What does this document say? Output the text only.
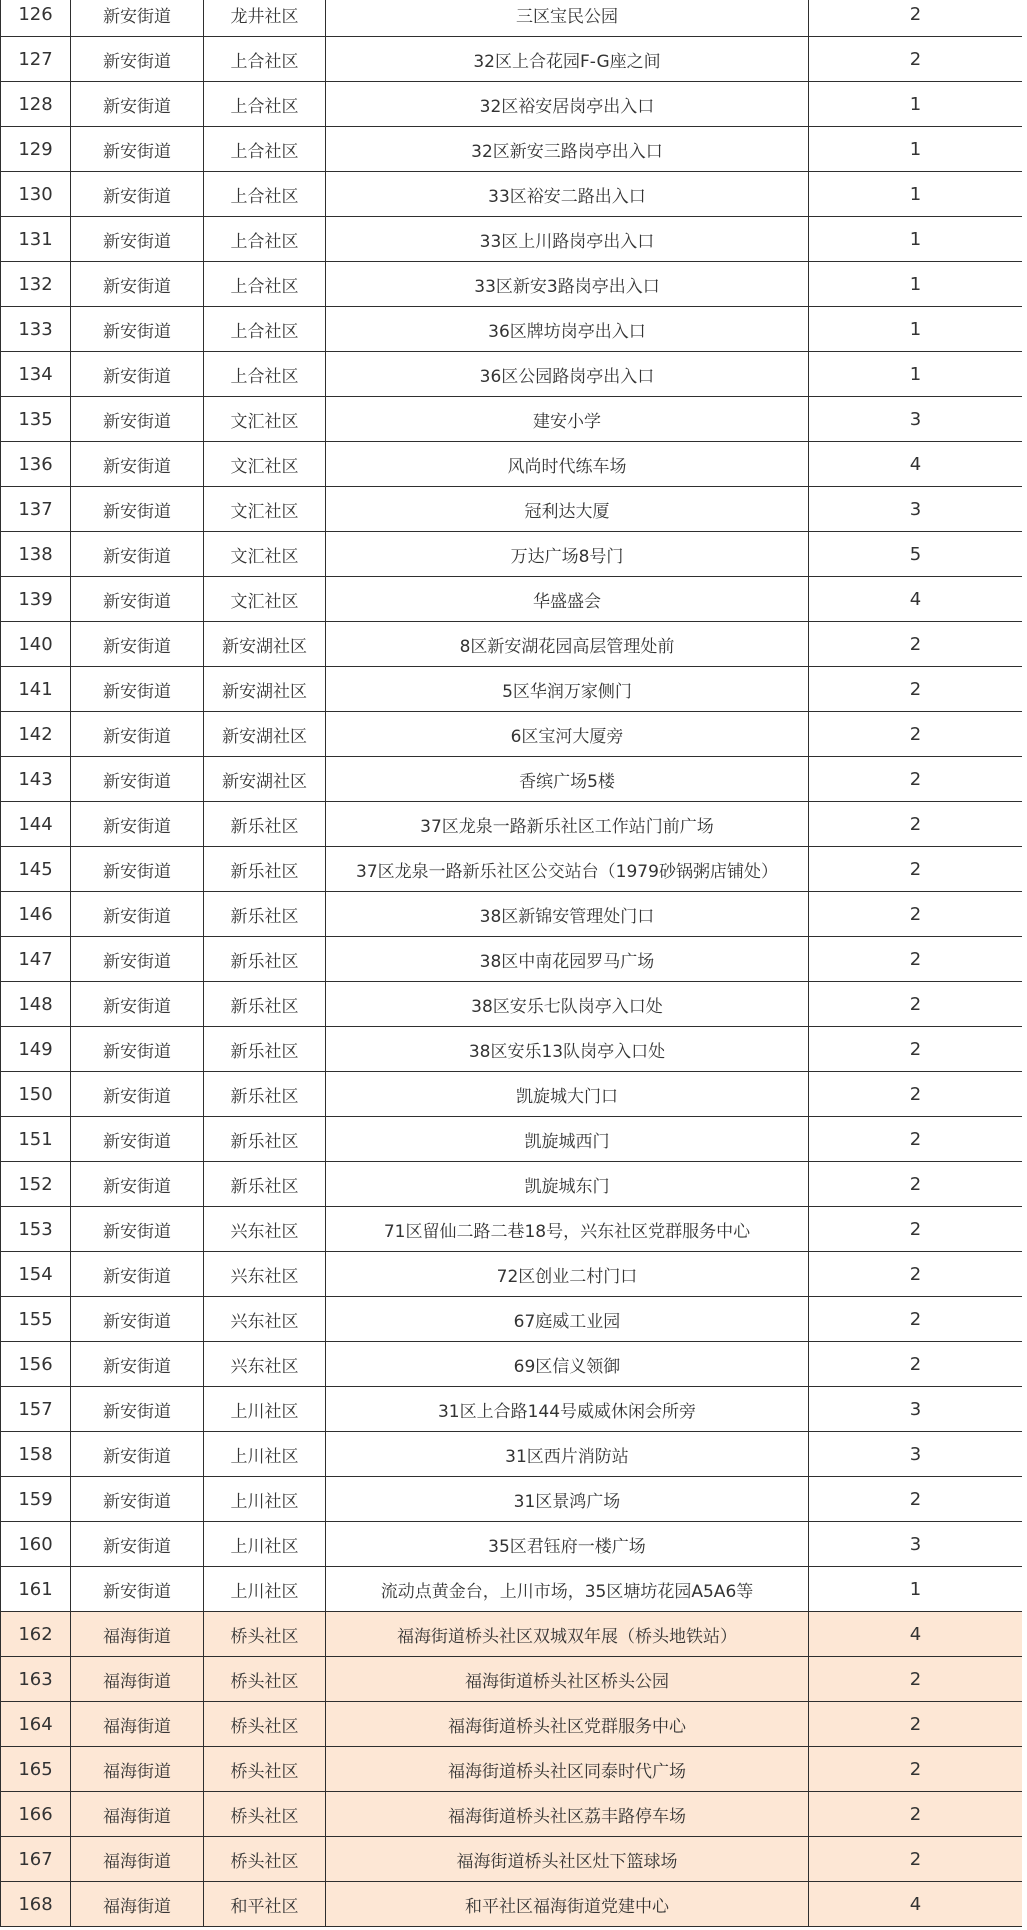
126	新安街道	龙井社区	三区宝民公园	2
127	新安街道	上合社区	32区上合花园F-G座之间	2
128	新安街道	上合社区	32区裕安居岗亭出入口	1
129	新安街道	上合社区	32区新安三路岗亭出入口	1
130	新安街道	上合社区	33区裕安二路出入口	1
131	新安街道	上合社区	33区上川路岗亭出入口	1
132	新安街道	上合社区	33区新安3路岗亭出入口	1
133	新安街道	上合社区	36区牌坊岗亭出入口	1
134	新安街道	上合社区	36区公园路岗亭出入口	1
135	新安街道	文汇社区	建安小学	3
136	新安街道	文汇社区	风尚时代练车场	4
137	新安街道	文汇社区	冠利达大厦	3
138	新安街道	文汇社区	万达广场8号门	5
139	新安街道	文汇社区	华盛盛会	4
140	新安街道	新安湖社区	8区新安湖花园高层管理处前	2
141	新安街道	新安湖社区	5区华润万家侧门	2
142	新安街道	新安湖社区	6区宝河大厦旁	2
143	新安街道	新安湖社区	香缤广场5楼	2
144	新安街道	新乐社区	37区龙泉一路新乐社区工作站门前广场	2
145	新安街道	新乐社区	37区龙泉一路新乐社区公交站台（1979砂锅粥店铺处）	2
146	新安街道	新乐社区	38区新锦安管理处门口	2
147	新安街道	新乐社区	38区中南花园罗马广场	2
148	新安街道	新乐社区	38区安乐七队岗亭入口处	2
149	新安街道	新乐社区	38区安乐13队岗亭入口处	2
150	新安街道	新乐社区	凯旋城大门口	2
151	新安街道	新乐社区	凯旋城西门	2
152	新安街道	新乐社区	凯旋城东门	2
153	新安街道	兴东社区	71区留仙二路二巷18号，兴东社区党群服务中心	2
154	新安街道	兴东社区	72区创业二村门口	2
155	新安街道	兴东社区	67庭威工业园	2
156	新安街道	兴东社区	69区信义领御	2
157	新安街道	上川社区	31区上合路144号威威休闲会所旁	3
158	新安街道	上川社区	31区西片消防站	3
159	新安街道	上川社区	31区景鸿广场	2
160	新安街道	上川社区	35区君钰府一楼广场	3
161	新安街道	上川社区	流动点黄金台，上川市场，35区塘坊花园A5A6等	1
162	福海街道	桥头社区	福海街道桥头社区双城双年展（桥头地铁站）	4
163	福海街道	桥头社区	福海街道桥头社区桥头公园	2
164	福海街道	桥头社区	福海街道桥头社区党群服务中心	2
165	福海街道	桥头社区	福海街道桥头社区同泰时代广场	2
166	福海街道	桥头社区	福海街道桥头社区荔丰路停车场	2
167	福海街道	桥头社区	福海街道桥头社区灶下篮球场	2
168	福海街道	和平社区	和平社区福海街道党建中心	4
